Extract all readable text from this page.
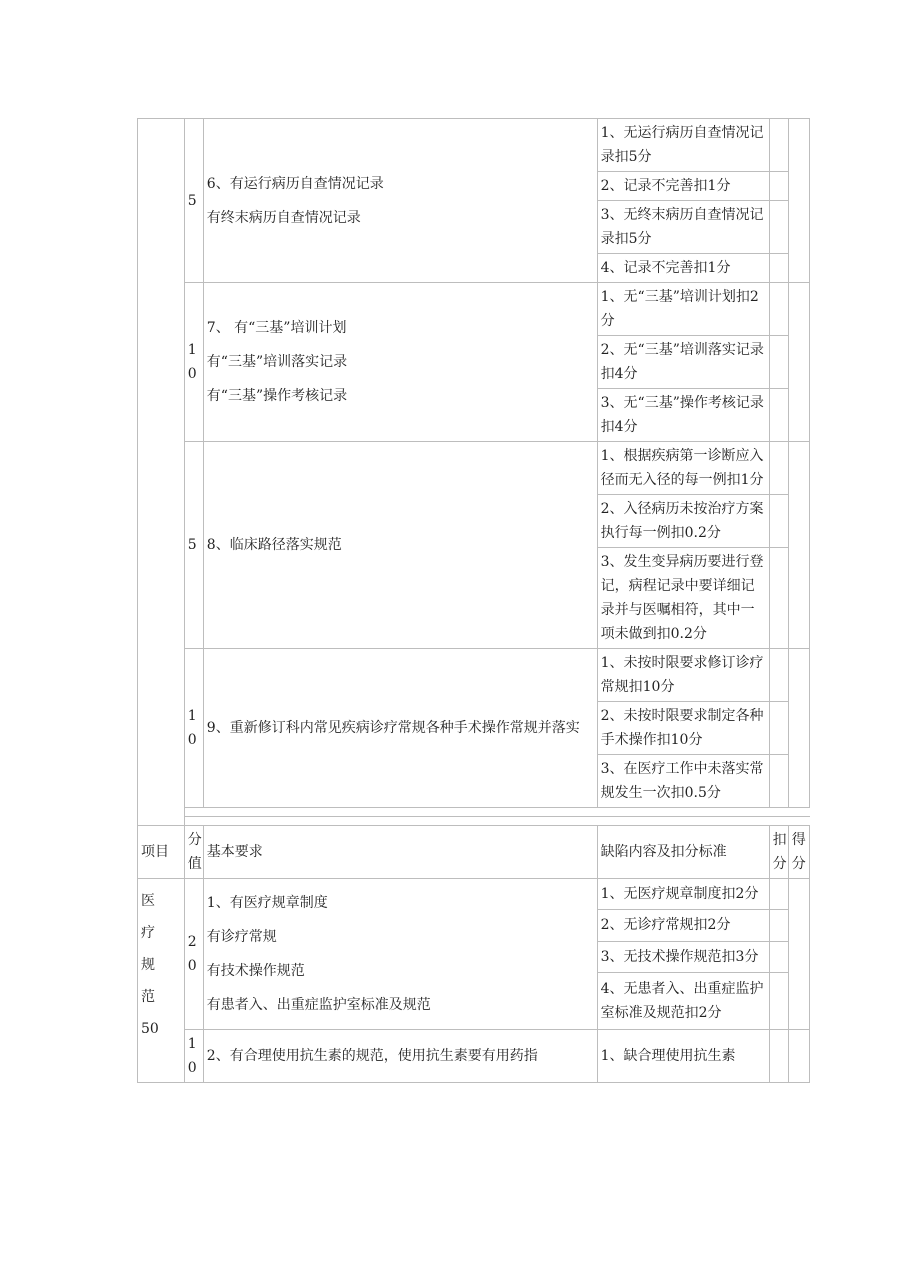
	5	6、有运行病历自查情况记录
有终末病历自查情况记录	1、无运行病历自查情况记录扣5分		
			2、记录不完善扣1分		
			3、无终末病历自查情况记录扣5分		
			4、记录不完善扣1分		
	10	7、 有“三基”培训计划
有“三基”培训落实记录
有“三基”操作考核记录	1、无“三基”培训计划扣2分		
			2、无“三基”培训落实记录扣4分		
			3、无“三基”操作考核记录扣4分		
	5	8、临床路径落实规范	1、根据疾病第一诊断应入径而无入径的每一例扣1分		
			2、入径病历未按治疗方案执行每一例扣0.2分		
			3、发生变异病历要进行登记，病程记录中要详细记录并与医嘱相符，其中一项未做到扣0.2分		
	10	9、重新修订科内常见疾病诊疗常规各种手术操作常规并落实	1、未按时限要求修订诊疗常规扣10分		
			2、未按时限要求制定各种手术操作扣10分		
			3、在医疗工作中未落实常规发生一次扣0.5分		

项目	分值	基本要求	缺陷内容及扣分标准	扣分	得分

医
疗
规
范
50	20	1、有医疗规章制度
有诊疗常规
有技术操作规范
有患者入、出重症监护室标准及规范	1、无医疗规章制度扣2分		
			2、无诊疗常规扣2分		
			3、无技术操作规范扣3分		
			4、无患者入、出重症监护室标准及规范扣2分		
	10	2、有合理使用抗生素的规范，使用抗生素要有用药指	1、缺合理使用抗生素		
